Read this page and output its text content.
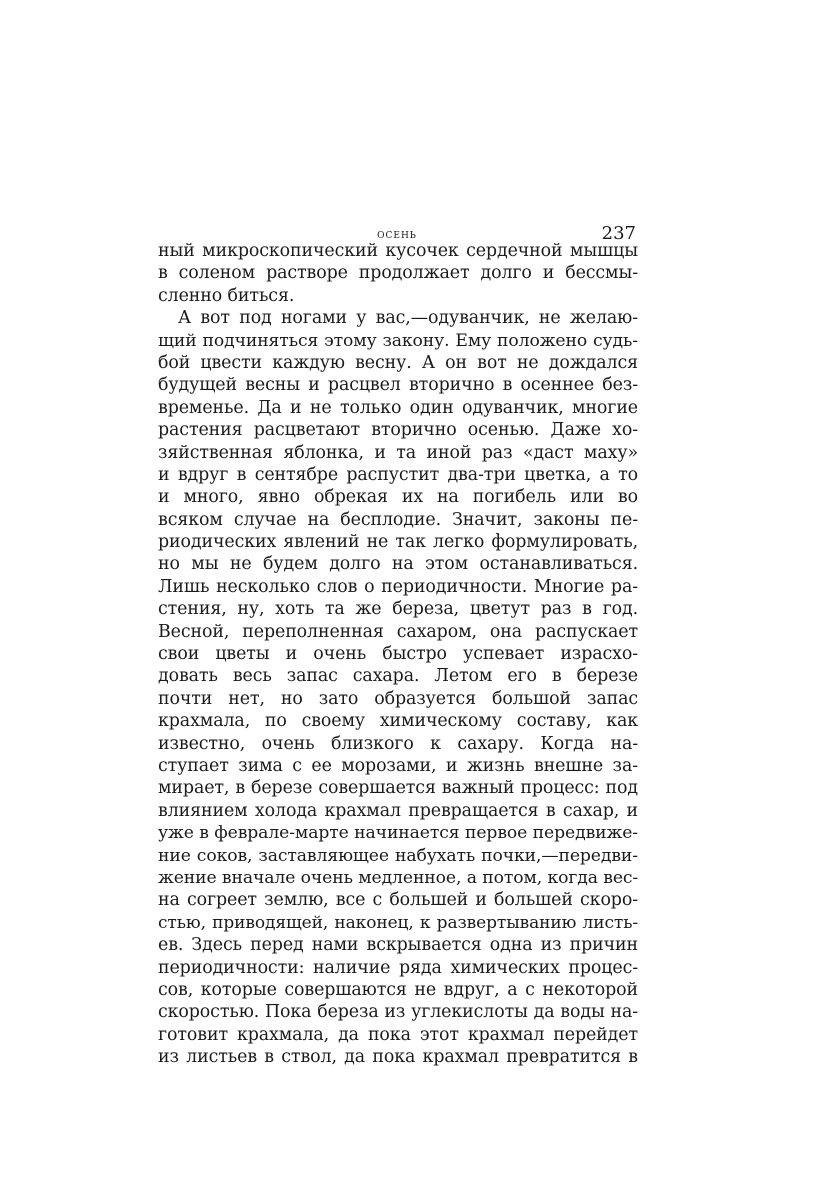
осень	237
ный микроскопический кусочек сердечной мышцы
в соленом растворе продолжает долго и бессмы-
сленно биться.
А вот под ногами у вас,—одуванчик, не желаю-
щий подчиняться этому закону. Ему положено судь-
бой цвести каждую весну. А он вот не дождался
будущей весны и расцвел вторично в осеннее без-
временье. Да и не только один одуванчик, многие
растения расцветают вторично осенью. Даже хо-
зяйственная яблонка, и та иной раз «даст маху»
и вдруг в сентябре распустит два-три цветка, а то
и много, явно обрекая их на погибель или во
всяком случае на бесплодие. Значит, законы пе-
риодических явлений не так легко формулировать,
но мы не будем долго на этом останавливаться.
Лишь несколько слов о периодичности. Многие ра-
стения, ну, хоть та же береза, цветут раз в год.
Весной, переполненная сахаром, она распускает
свои цветы и очень быстро успевает израсхо-
довать весь запас сахара. Летом его в березе
почти нет, но зато образуется большой запас
крахмала, по своему химическому составу, как
известно, очень близкого к сахару. Когда на-
ступает зима с ее морозами, и жизнь внешне за-
мирает, в березе совершается важный процесс: под
влиянием холода крахмал превращается в сахар, и
уже в феврале-марте начинается первое передвиже-
ние соков, заставляющее набухать почки,—передви-
жение вначале очень медленное, а потом, когда вес-
на согреет землю, все с большей и большей скоро-
стью, приводящей, наконец, к развертыванию листь-
ев. Здесь перед нами вскрывается одна из причин
периодичности: наличие ряда химических процес-
сов, которые совершаются не вдруг, а с некоторой
скоростью. Пока береза из углекислоты да воды на-
готовит крахмала, да пока этот крахмал перейдет
из листьев в ствол, да пока крахмал превратится в
